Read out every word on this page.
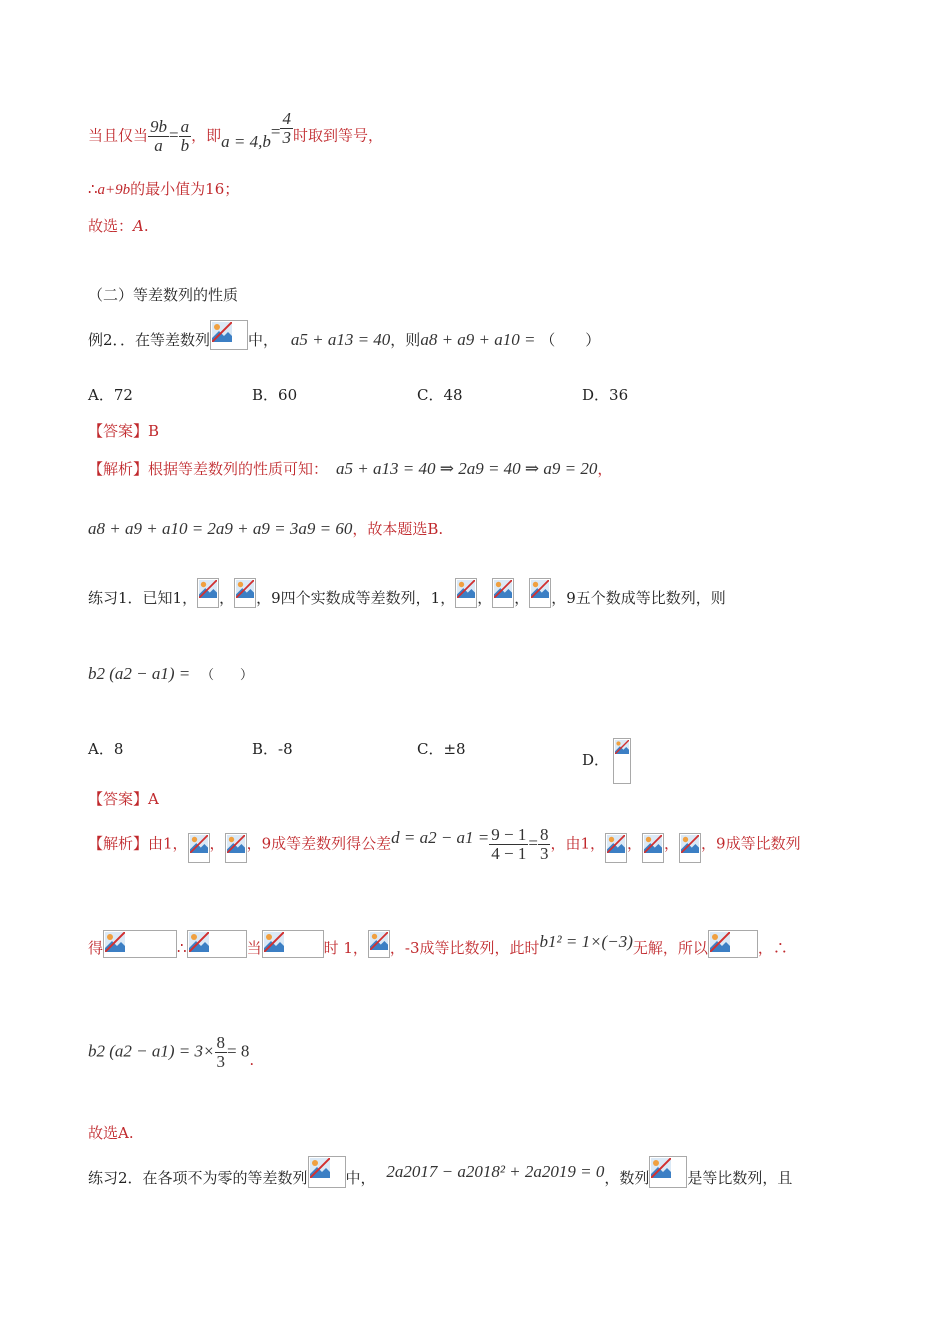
当且仅当 $\frac{9b}{a} = \frac{a}{b}$ ，即$a = 4,b= \frac{4}{3}$ 时取到等号，
∴a+9b的最小值为16；
故选：A.
（二）等差数列的性质
例2．．在等差数列	中， a5 + a13 = 40，则a8 + a9 + a10 = （　　）
A．72	B．60	C．48	D．36
【答案】B
【解析】根据等差数列的性质可知： a5 + a13 = 40 ⇒ 2a9 = 40 ⇒ a9 = 20，
a8 + a9 + a10 = 2a9 + a9 = 3a9 = 60，故本题选B.
练习1．已知1， ， ，9四个实数成等差数列，1， ， ， ，9五个数成等比数列，则
b2 (a2 − a1) = （　　）
A．8	B．-8	C．±8
D．
【答案】A
【解析】由1， ， ，9成等差数列得公差$d = a2 - a1 = \frac{9 - 1}{4 - 1} = \frac{8}{3}$ ，由1， ， ， ，9成等比数列
得	∴	当	时 1， ，-3成等比数列，此时b1² = 1×(−3)无解，所以	，∴
b2 $(a2 - a1) = 3\times \frac{8}{3} = 8$.
故选A.
练习2．在各项不为零的等差数列	中， 2a2017 − a2018² + 2a2019 = 0，数列	是等比数列，且
